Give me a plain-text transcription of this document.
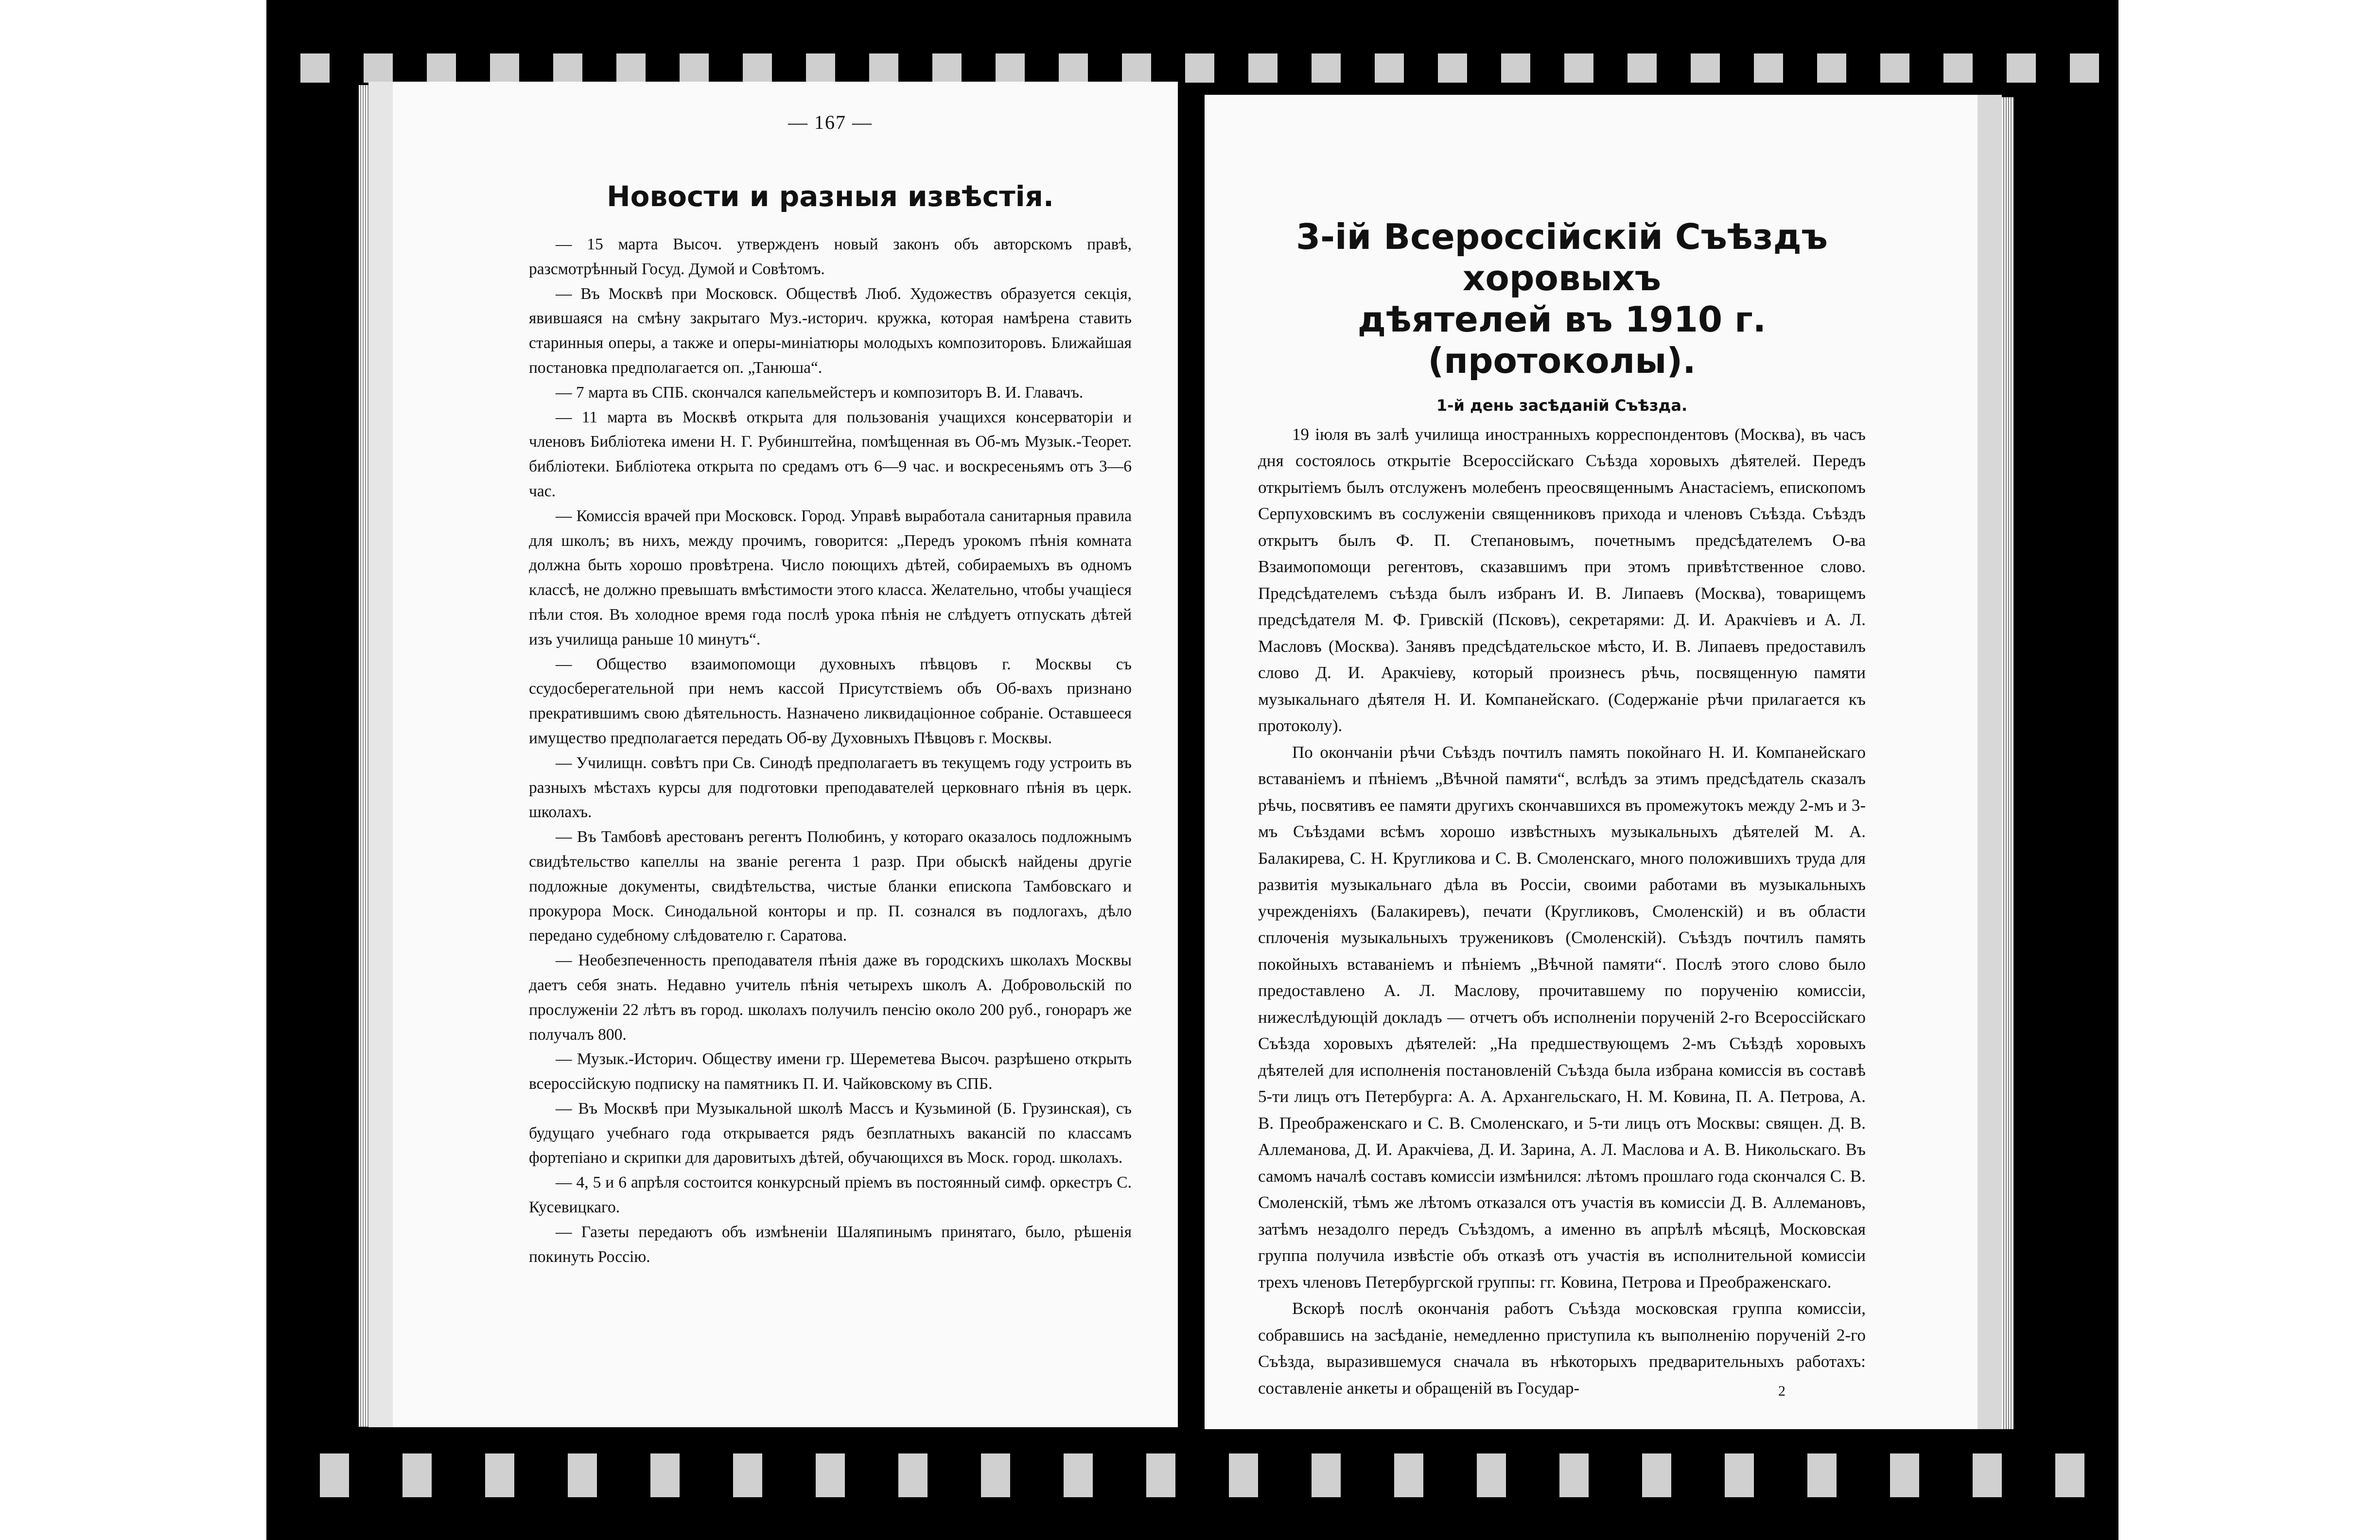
— 167 —
Новости и разныя извѣстія.

— 15 марта Высоч. утвержденъ новый законъ объ авторскомъ правѣ, разсмотрѣнный Госуд. Думой и Совѣтомъ.

— Въ Москвѣ при Московск. Обществѣ Люб. Художествъ образуется секція, явившаяся на смѣну закрытаго Муз.-историч. кружка, которая намѣрена ставить старинныя оперы, а также и оперы-миніатюры молодыхъ композиторовъ. Ближайшая постановка предполагается оп. „Танюша“.

— 7 марта въ СПБ. скончался капельмейстеръ и композиторъ В. И. Главачъ.

— 11 марта въ Москвѣ открыта для пользованія учащихся консерваторіи и членовъ Библіотека имени Н. Г. Рубинштейна, помѣщенная въ Об-мъ Музык.-Теорет. библіотеки. Библіотека открыта по средамъ отъ 6—9 час. и воскресеньямъ отъ 3—6 час.

— Комиссія врачей при Московск. Город. Управѣ выработала санитарныя правила для школъ; въ нихъ, между прочимъ, говорится: „Передъ урокомъ пѣнія комната должна быть хорошо провѣтрена. Число поющихъ дѣтей, собираемыхъ въ одномъ классѣ, не должно превышать вмѣстимости этого класса. Желательно, чтобы учащіеся пѣли стоя. Въ холодное время года послѣ урока пѣнія не слѣдуетъ отпускать дѣтей изъ училища раньше 10 минутъ“.

— Общество взаимопомощи духовныхъ пѣвцовъ г. Москвы съ ссудосберегательной при немъ кассой Присутствіемъ объ Об-вахъ признано прекратившимъ свою дѣятельность. Назначено ликвидаціонное собраніе. Оставшееся имущество предполагается передать Об-ву Духовныхъ Пѣвцовъ г. Москвы.

— Училищн. совѣтъ при Св. Синодѣ предполагаетъ въ текущемъ году устроить въ разныхъ мѣстахъ курсы для подготовки преподавателей церковнаго пѣнія въ церк. школахъ.

— Въ Тамбовѣ арестованъ регентъ Полюбинъ, у котораго оказалось подложнымъ свидѣтельство капеллы на званіе регента 1 разр. При обыскѣ найдены другіе подложные документы, свидѣтельства, чистые бланки епископа Тамбовскаго и прокурора Моск. Синодальной конторы и пр. П. сознался въ подлогахъ, дѣло передано судебному слѣдователю г. Саратова.

— Необезпеченность преподавателя пѣнія даже въ городскихъ школахъ Москвы даетъ себя знать. Недавно учитель пѣнія четырехъ школъ А. Добровольскій по прослуженіи 22 лѣтъ въ город. школахъ получилъ пенсію около 200 руб., гонораръ же получалъ 800.

— Музык.-Историч. Обществу имени гр. Шереметева Высоч. разрѣшено открыть всероссійскую подписку на памятникъ П. И. Чайковскому въ СПБ.

— Въ Москвѣ при Музыкальной школѣ Массъ и Кузьминой (Б. Грузинская), съ будущаго учебнаго года открывается рядъ безплатныхъ вакансій по классамъ фортепіано и скрипки для даровитыхъ дѣтей, обучающихся въ Моск. город. школахъ.

— 4, 5 и 6 апрѣля состоится конкурсный пріемъ въ постоянный симф. оркестръ С. Кусевицкаго.

— Газеты передаютъ объ измѣненіи Шаляпинымъ принятаго, было, рѣшенія покинуть Россію.

3-ій Всероссійскій Съѣздъ хоровыхъ
дѣятелей въ 1910 г. (протоколы).
1-й день засѣданій Съѣзда.

19 іюля въ залѣ училища иностранныхъ корреспондентовъ (Москва), въ часъ дня состоялось открытіе Всероссійскаго Съѣзда хоровыхъ дѣятелей. Передъ открытіемъ былъ отслуженъ молебенъ преосвященнымъ Анастасіемъ, епископомъ Серпуховскимъ въ сослуженіи священниковъ прихода и членовъ Съѣзда. Съѣздъ открытъ былъ Ф. П. Степановымъ, почетнымъ предсѣдателемъ О-ва Взаимопомощи регентовъ, сказавшимъ при этомъ привѣтственное слово. Предсѣдателемъ съѣзда былъ избранъ И. В. Липаевъ (Москва), товарищемъ предсѣдателя М. Ф. Гривскій (Псковъ), секретарями: Д. И. Аракчіевъ и А. Л. Масловъ (Москва). Занявъ предсѣдательское мѣсто, И. В. Липаевъ предоставилъ слово Д. И. Аракчіеву, который произнесъ рѣчь, посвященную памяти музыкальнаго дѣятеля Н. И. Компанейскаго. (Содержаніе рѣчи прилагается къ протоколу).

По окончаніи рѣчи Съѣздъ почтилъ память покойнаго Н. И. Компанейскаго вставаніемъ и пѣніемъ „Вѣчной памяти“, вслѣдъ за этимъ предсѣдатель сказалъ рѣчь, посвятивъ ее памяти другихъ скончавшихся въ промежутокъ между 2-мъ и 3-мъ Съѣздами всѣмъ хорошо извѣстныхъ музыкальныхъ дѣятелей М. А. Балакирева, С. Н. Кругликова и С. В. Смоленскаго, много положившихъ труда для развитія музыкальнаго дѣла въ Россіи, своими работами въ музыкальныхъ учрежденіяхъ (Балакиревъ), печати (Кругликовъ, Смоленскій) и въ области сплоченія музыкальныхъ тружениковъ (Смоленскій). Съѣздъ почтилъ память покойныхъ вставаніемъ и пѣніемъ „Вѣчной памяти“. Послѣ этого слово было предоставлено А. Л. Маслову, прочитавшему по порученію комиссіи, нижеслѣдующій докладъ — отчетъ объ исполненіи порученій 2-го Всероссійскаго Съѣзда хоровыхъ дѣятелей: „На предшествующемъ 2-мъ Съѣздѣ хоровыхъ дѣятелей для исполненія постановленій Съѣзда была избрана комиссія въ составѣ 5-ти лицъ отъ Петербурга: А. А. Архангельскаго, Н. М. Ковина, П. А. Петрова, А. В. Преображенскаго и С. В. Смоленскаго, и 5-ти лицъ отъ Москвы: священ. Д. В. Аллеманова, Д. И. Аракчіева, Д. И. Зарина, А. Л. Маслова и А. В. Никольскаго. Въ самомъ началѣ составъ комиссіи измѣнился: лѣтомъ прошлаго года скончался С. В. Смоленскій, тѣмъ же лѣтомъ отказался отъ участія въ комиссіи Д. В. Аллемановъ, затѣмъ незадолго передъ Съѣздомъ, а именно въ апрѣлѣ мѣсяцѣ, Московская группа получила извѣстіе объ отказѣ отъ участія въ исполнительной комиссіи трехъ членовъ Петербургской группы: гг. Ковина, Петрова и Преображенскаго.

Вскорѣ послѣ окончанія работъ Съѣзда московская группа комиссіи, собравшись на засѣданіе, немедленно приступила къ выполненію порученій 2-го Съѣзда, выразившемуся сначала въ нѣкоторыхъ предварительныхъ работахъ: составленіе анкеты и обращеній въ Государ-	2
